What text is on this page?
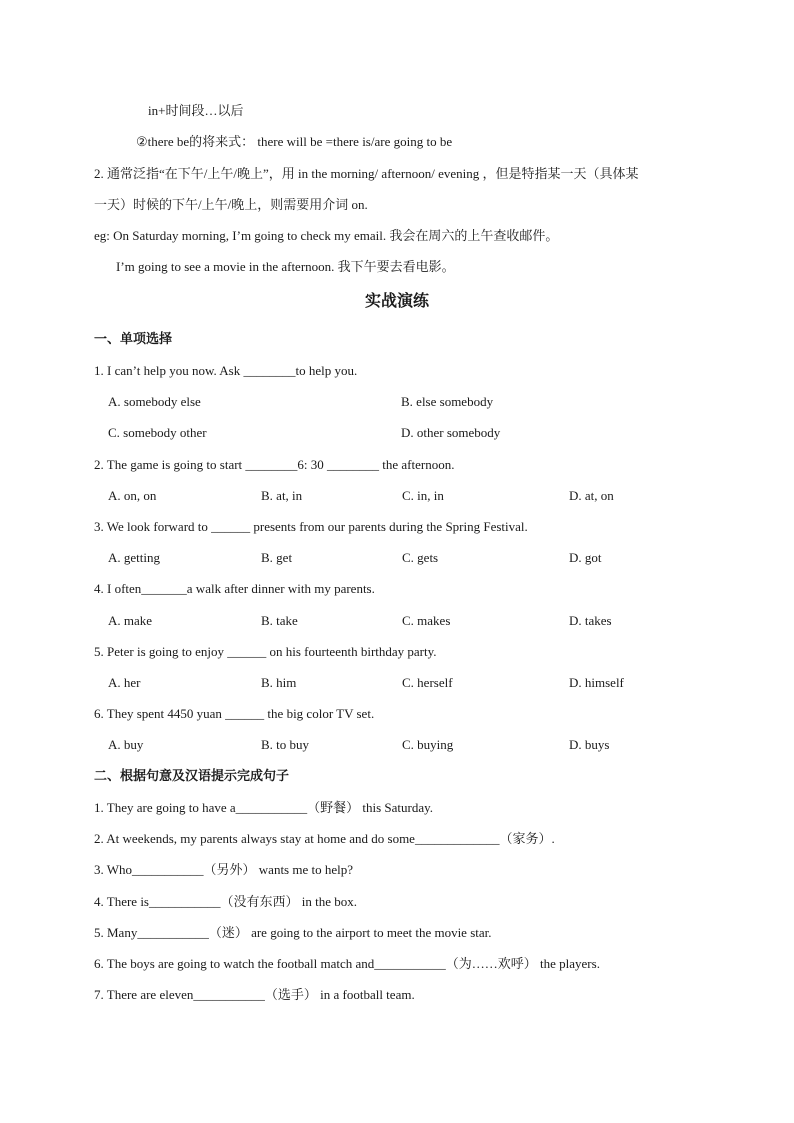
in+时间段…以后
②there be的将来式： there will be =there is/are going to be
2. 通常泛指“在下午/上午/晚上”，用 in the morning/ afternoon/ evening ，但是特指某一天（具体某
一天）时候的下午/上午/晚上，则需要用介词 on.
eg: On Saturday morning, I’m going to check my email. 我会在周六的上午查收邮件。
I’m going to see a movie in the afternoon. 我下午要去看电影。
实战演练
一、单项选择
1. I can’t help you now. Ask ________to help you.
A. somebody else	B. else somebody
C. somebody other	D. other somebody
2. The game is going to start ________6: 30 ________ the afternoon.
A. on, on	B. at, in	C. in, in	D. at, on
3. We look forward to ______ presents from our parents during the Spring Festival.
A. getting	B. get	C. gets	D. got
4. I often_______a walk after dinner with my parents.
A. make	B. take	C. makes	D. takes
5. Peter is going to enjoy ______ on his fourteenth birthday party.
A. her	B. him	C. herself	D. himself
6. They spent 4450 yuan ______ the big color TV set.
A. buy	B. to buy	C. buying	D. buys
二、根据句意及汉语提示完成句子
1. They are going to have a___________（野餐） this Saturday.
2. At weekends, my parents always stay at home and do some_____________（家务）.
3. Who___________（另外） wants me to help?
4. There is___________（没有东西） in the box.
5. Many___________（迷） are going to the airport to meet the movie star.
6. The boys are going to watch the football match and___________（为……欢呼） the players.
7. There are eleven___________（选手） in a football team.
